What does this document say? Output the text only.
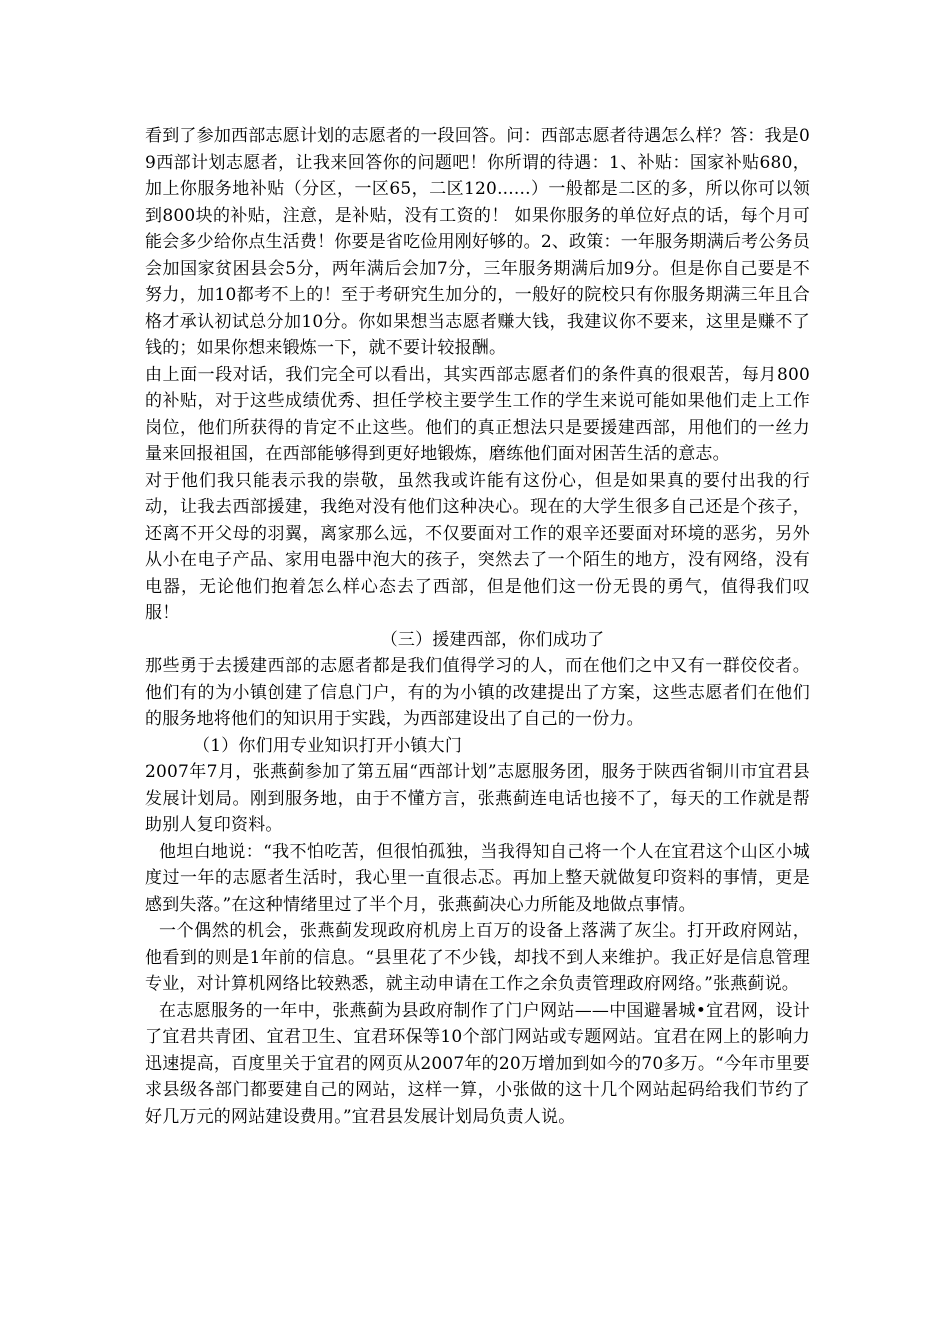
看到了参加西部志愿计划的志愿者的一段回答。问：西部志愿者待遇怎么样？答：我是09西部计划志愿者，让我来回答你的问题吧！你所谓的待遇：1、补贴：国家补贴680，加上你服务地补贴（分区，一区65，二区120......）一般都是二区的多，所以你可以领到800块的补贴，注意，是补贴，没有工资的！ 如果你服务的单位好点的话，每个月可能会多少给你点生活费！你要是省吃俭用刚好够的。2、政策：一年服务期满后考公务员会加国家贫困县会5分，两年满后会加7分，三年服务期满后加9分。但是你自己要是不努力，加10都考不上的！至于考研究生加分的，一般好的院校只有你服务期满三年且合格才承认初试总分加10分。你如果想当志愿者赚大钱，我建议你不要来，这里是赚不了钱的；如果你想来锻炼一下，就不要计较报酬。

由上面一段对话，我们完全可以看出，其实西部志愿者们的条件真的很艰苦，每月800的补贴，对于这些成绩优秀、担任学校主要学生工作的学生来说可能如果他们走上工作岗位，他们所获得的肯定不止这些。他们的真正想法只是要援建西部，用他们的一丝力量来回报祖国，在西部能够得到更好地锻炼，磨练他们面对困苦生活的意志。

对于他们我只能表示我的崇敬，虽然我或许能有这份心，但是如果真的要付出我的行动，让我去西部援建，我绝对没有他们这种决心。现在的大学生很多自己还是个孩子，还离不开父母的羽翼，离家那么远，不仅要面对工作的艰辛还要面对环境的恶劣，另外从小在电子产品、家用电器中泡大的孩子，突然去了一个陌生的地方，没有网络，没有电器，无论他们抱着怎么样心态去了西部，但是他们这一份无畏的勇气，值得我们叹服！

（三）援建西部，你们成功了

那些勇于去援建西部的志愿者都是我们值得学习的人，而在他们之中又有一群佼佼者。他们有的为小镇创建了信息门户，有的为小镇的改建提出了方案，这些志愿者们在他们的服务地将他们的知识用于实践，为西部建设出了自己的一份力。

（1）你们用专业知识打开小镇大门

2007年7月，张燕蓟参加了第五届“西部计划”志愿服务团，服务于陕西省铜川市宜君县发展计划局。刚到服务地，由于不懂方言，张燕蓟连电话也接不了，每天的工作就是帮助别人复印资料。

他坦白地说：“我不怕吃苦，但很怕孤独，当我得知自己将一个人在宜君这个山区小城度过一年的志愿者生活时，我心里一直很忐忑。再加上整天就做复印资料的事情，更是感到失落。”在这种情绪里过了半个月，张燕蓟决心力所能及地做点事情。

一个偶然的机会，张燕蓟发现政府机房上百万的设备上落满了灰尘。打开政府网站，他看到的则是1年前的信息。“县里花了不少钱，却找不到人来维护。我正好是信息管理专业，对计算机网络比较熟悉，就主动申请在工作之余负责管理政府网络。”张燕蓟说。

在志愿服务的一年中，张燕蓟为县政府制作了门户网站——中国避暑城•宜君网，设计了宜君共青团、宜君卫生、宜君环保等10个部门网站或专题网站。宜君在网上的影响力迅速提高，百度里关于宜君的网页从2007年的20万增加到如今的70多万。“今年市里要求县级各部门都要建自己的网站，这样一算，小张做的这十几个网站起码给我们节约了好几万元的网站建设费用。”宜君县发展计划局负责人说。
